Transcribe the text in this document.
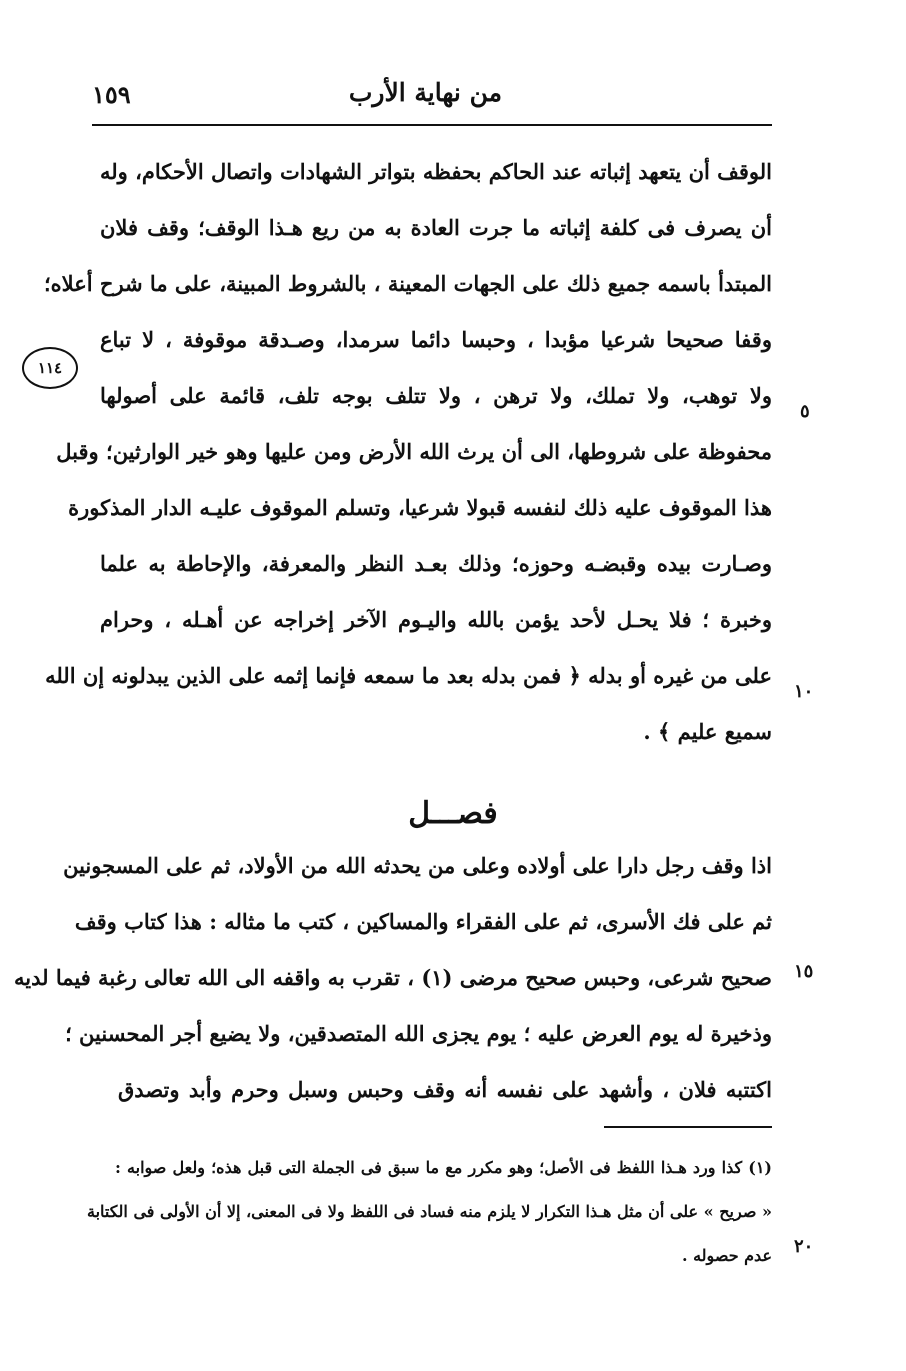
من نهاية الأرب
١٥٩
١١٤
٥
١٠
١٥
٢٠
الوقف أن يتعهد إثباته عند الحاكم بحفظه بتواتر الشهادات واتصال الأحكام، وله
أن يصرف فى كلفة إثباته ما جرت العادة به من ريع هـذا الوقف؛ وقف فلان
المبتدأ باسمه جميع ذلك على الجهات المعينة ، بالشروط المبينة، على ما شرح أعلاه؛
وقفا صحيحا شرعيا مؤبدا ، وحبسا دائما سرمدا، وصـدقة موقوفة ، لا تباع
ولا توهب، ولا تملك، ولا ترهن ، ولا تتلف بوجه تلف، قائمة على أصولها
محفوظة على شروطها، الى أن يرث الله الأرض ومن عليها وهو خير الوارثين؛ وقبل
هذا الموقوف عليه ذلك لنفسه قبولا شرعيا، وتسلم الموقوف عليـه الدار المذكورة
وصـارت بيده وقبضـه وحوزه؛ وذلك بعـد النظر والمعرفة، والإحاطة به علما
وخبرة ؛ فلا يحـل لأحد يؤمن بالله واليـوم الآخر إخراجه عن أهـله ، وحرام
على من غيره أو بدله ﴿ فمن بدله بعد ما سمعه فإنما إثمه على الذين يبدلونه إن الله
سميع عليم ﴾ .
فصـــل
اذا وقف رجل دارا على أولاده وعلى من يحدثه الله من الأولاد، ثم على المسجونين
ثم على فك الأسرى، ثم على الفقراء والمساكين ، كتب ما مثاله : هذا كتاب وقف
صحيح شرعى، وحبس صحيح مرضى (١) ، تقرب به واقفه الى الله تعالى رغبة فيما لديه
وذخيرة له يوم العرض عليه ؛ يوم يجزى الله المتصدقين، ولا يضيع أجر المحسنين ؛
اكتتبه فلان ، وأشهد على نفسه أنه وقف وحبس وسبل وحرم وأبد وتصدق
(١) كذا ورد هـذا اللفظ فى الأصل؛ وهو مكرر مع ما سبق فى الجملة التى قبل هذه؛ ولعل صوابه :
« صريح » على أن مثل هـذا التكرار لا يلزم منه فساد فى اللفظ ولا فى المعنى، إلا أن الأولى فى الكتابة
عدم حصوله .
